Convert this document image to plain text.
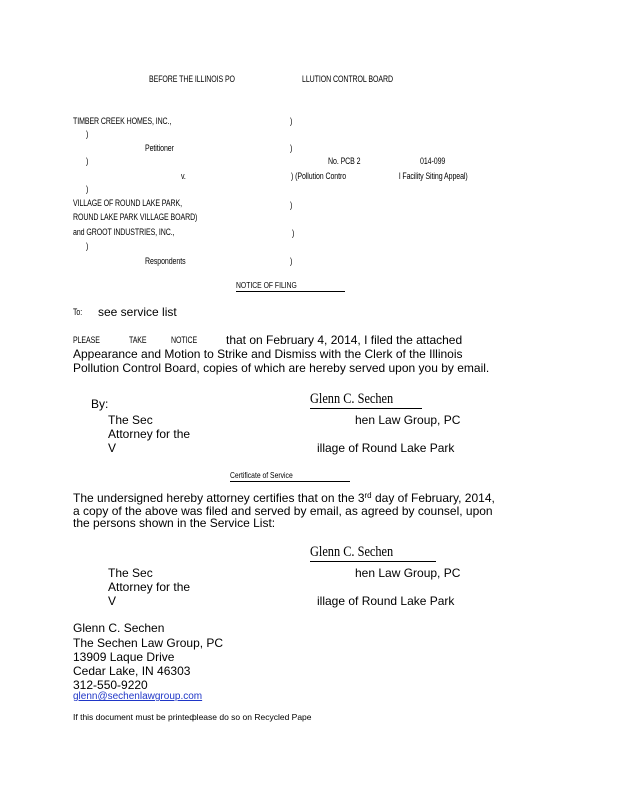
BEFORE THE ILLINOIS PO	LLUTION CONTROL BOARD
TIMBER CREEK HOMES, INC.,	)
)
Petitioner	)
)	No. PCB 2	014-099
v.	) (Pollution Contro	l Facility Siting Appeal)
)
VILLAGE OF ROUND LAKE PARK,	)
ROUND LAKE PARK VILLAGE BOARD)
and GROOT INDUSTRIES, INC.,	)
)
Respondents	)
NOTICE OF FILING
To: see service list
PLEASE	TAKE	NOTICE that on February 4, 2014, I filed the attached
Appearance and Motion to Strike and Dismiss with the Clerk of the Illinois
Pollution Control Board, copies of which are hereby served upon you by email.
By:	Glenn C. Sechen
The Sec	hen Law Group, PC
Attorney for the
V	illage of Round Lake Park
Certificate of Service
The undersigned hereby attorney certifies that on the 3rd day of February, 2014,
a copy of the above was filed and served by email, as agreed by counsel, upon
the persons shown in the Service List:
Glenn C. Sechen
The Sec	hen Law Group, PC
Attorney for the
V	illage of Round Lake Park
Glenn C. Sechen
The Sechen Law Group, PC
13909 Laque Drive
Cedar Lake, IN 46303
312-550-9220
glenn@sechenlawgroup.com
If this document must be printedplease do so on Recycled Pape
